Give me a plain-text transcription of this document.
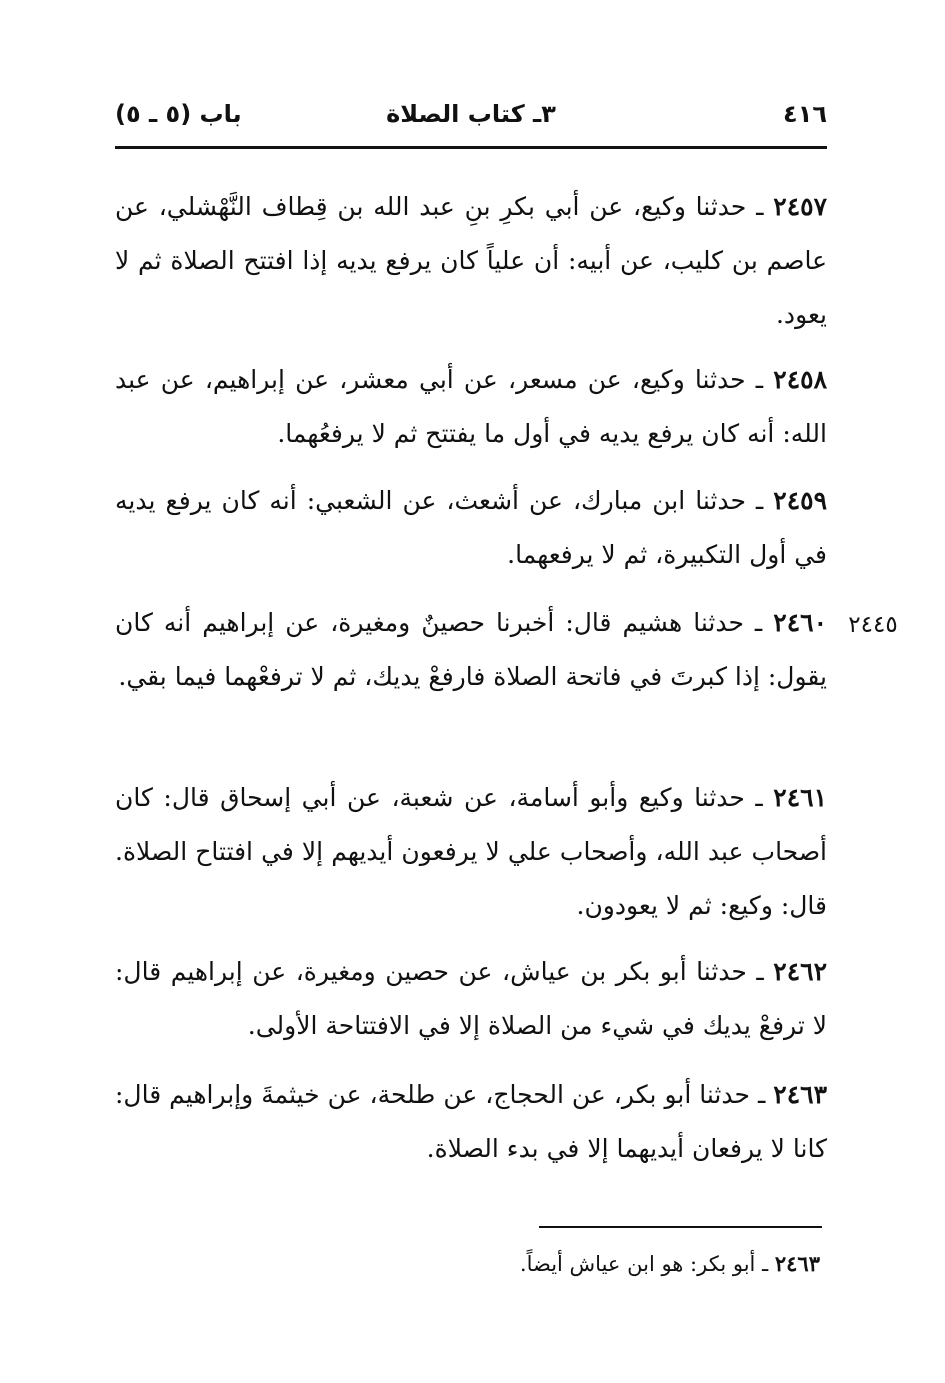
باب (٥ ـ ٥)	٣ـ كتاب الصلاة	٤١٦
٢٤٥٧ ـ حدثنا وكيع، عن أبي بكرِ بنِ عبد الله بن قِطاف النَّهْشلي، عن عاصم بن كليب، عن أبيه: أن علياً كان يرفع يديه إذا افتتح الصلاة ثم لا يعود.
٢٤٥٨ ـ حدثنا وكيع، عن مسعر، عن أبي معشر، عن إبراهيم، عن عبد الله: أنه كان يرفع يديه في أول ما يفتتح ثم لا يرفعُهما.
٢٤٥٩ ـ حدثنا ابن مبارك، عن أشعث، عن الشعبي: أنه كان يرفع يديه في أول التكبيرة، ثم لا يرفعهما.
٢٤٤٥
٢٤٦٠ ـ حدثنا هشيم قال: أخبرنا حصينٌ ومغيرة، عن إبراهيم أنه كان يقول: إذا كبرتَ في فاتحة الصلاة فارفعْ يديك، ثم لا ترفعْهما فيما بقي.
٢٤٦١ ـ حدثنا وكيع وأبو أسامة، عن شعبة، عن أبي إسحاق قال: كان أصحاب عبد الله، وأصحاب علي لا يرفعون أيديهم إلا في افتتاح الصلاة. قال: وكيع: ثم لا يعودون.
٢٤٦٢ ـ حدثنا أبو بكر بن عياش، عن حصين ومغيرة، عن إبراهيم قال: لا ترفعْ يديك في شيء من الصلاة إلا في الافتتاحة الأولى.
٢٤٦٣ ـ حدثنا أبو بكر، عن الحجاج، عن طلحة، عن خيثمةَ وإبراهيم قال: كانا لا يرفعان أيديهما إلا في بدء الصلاة.
٢٤٦٣ ـ أبو بكر: هو ابن عياش أيضاً.
